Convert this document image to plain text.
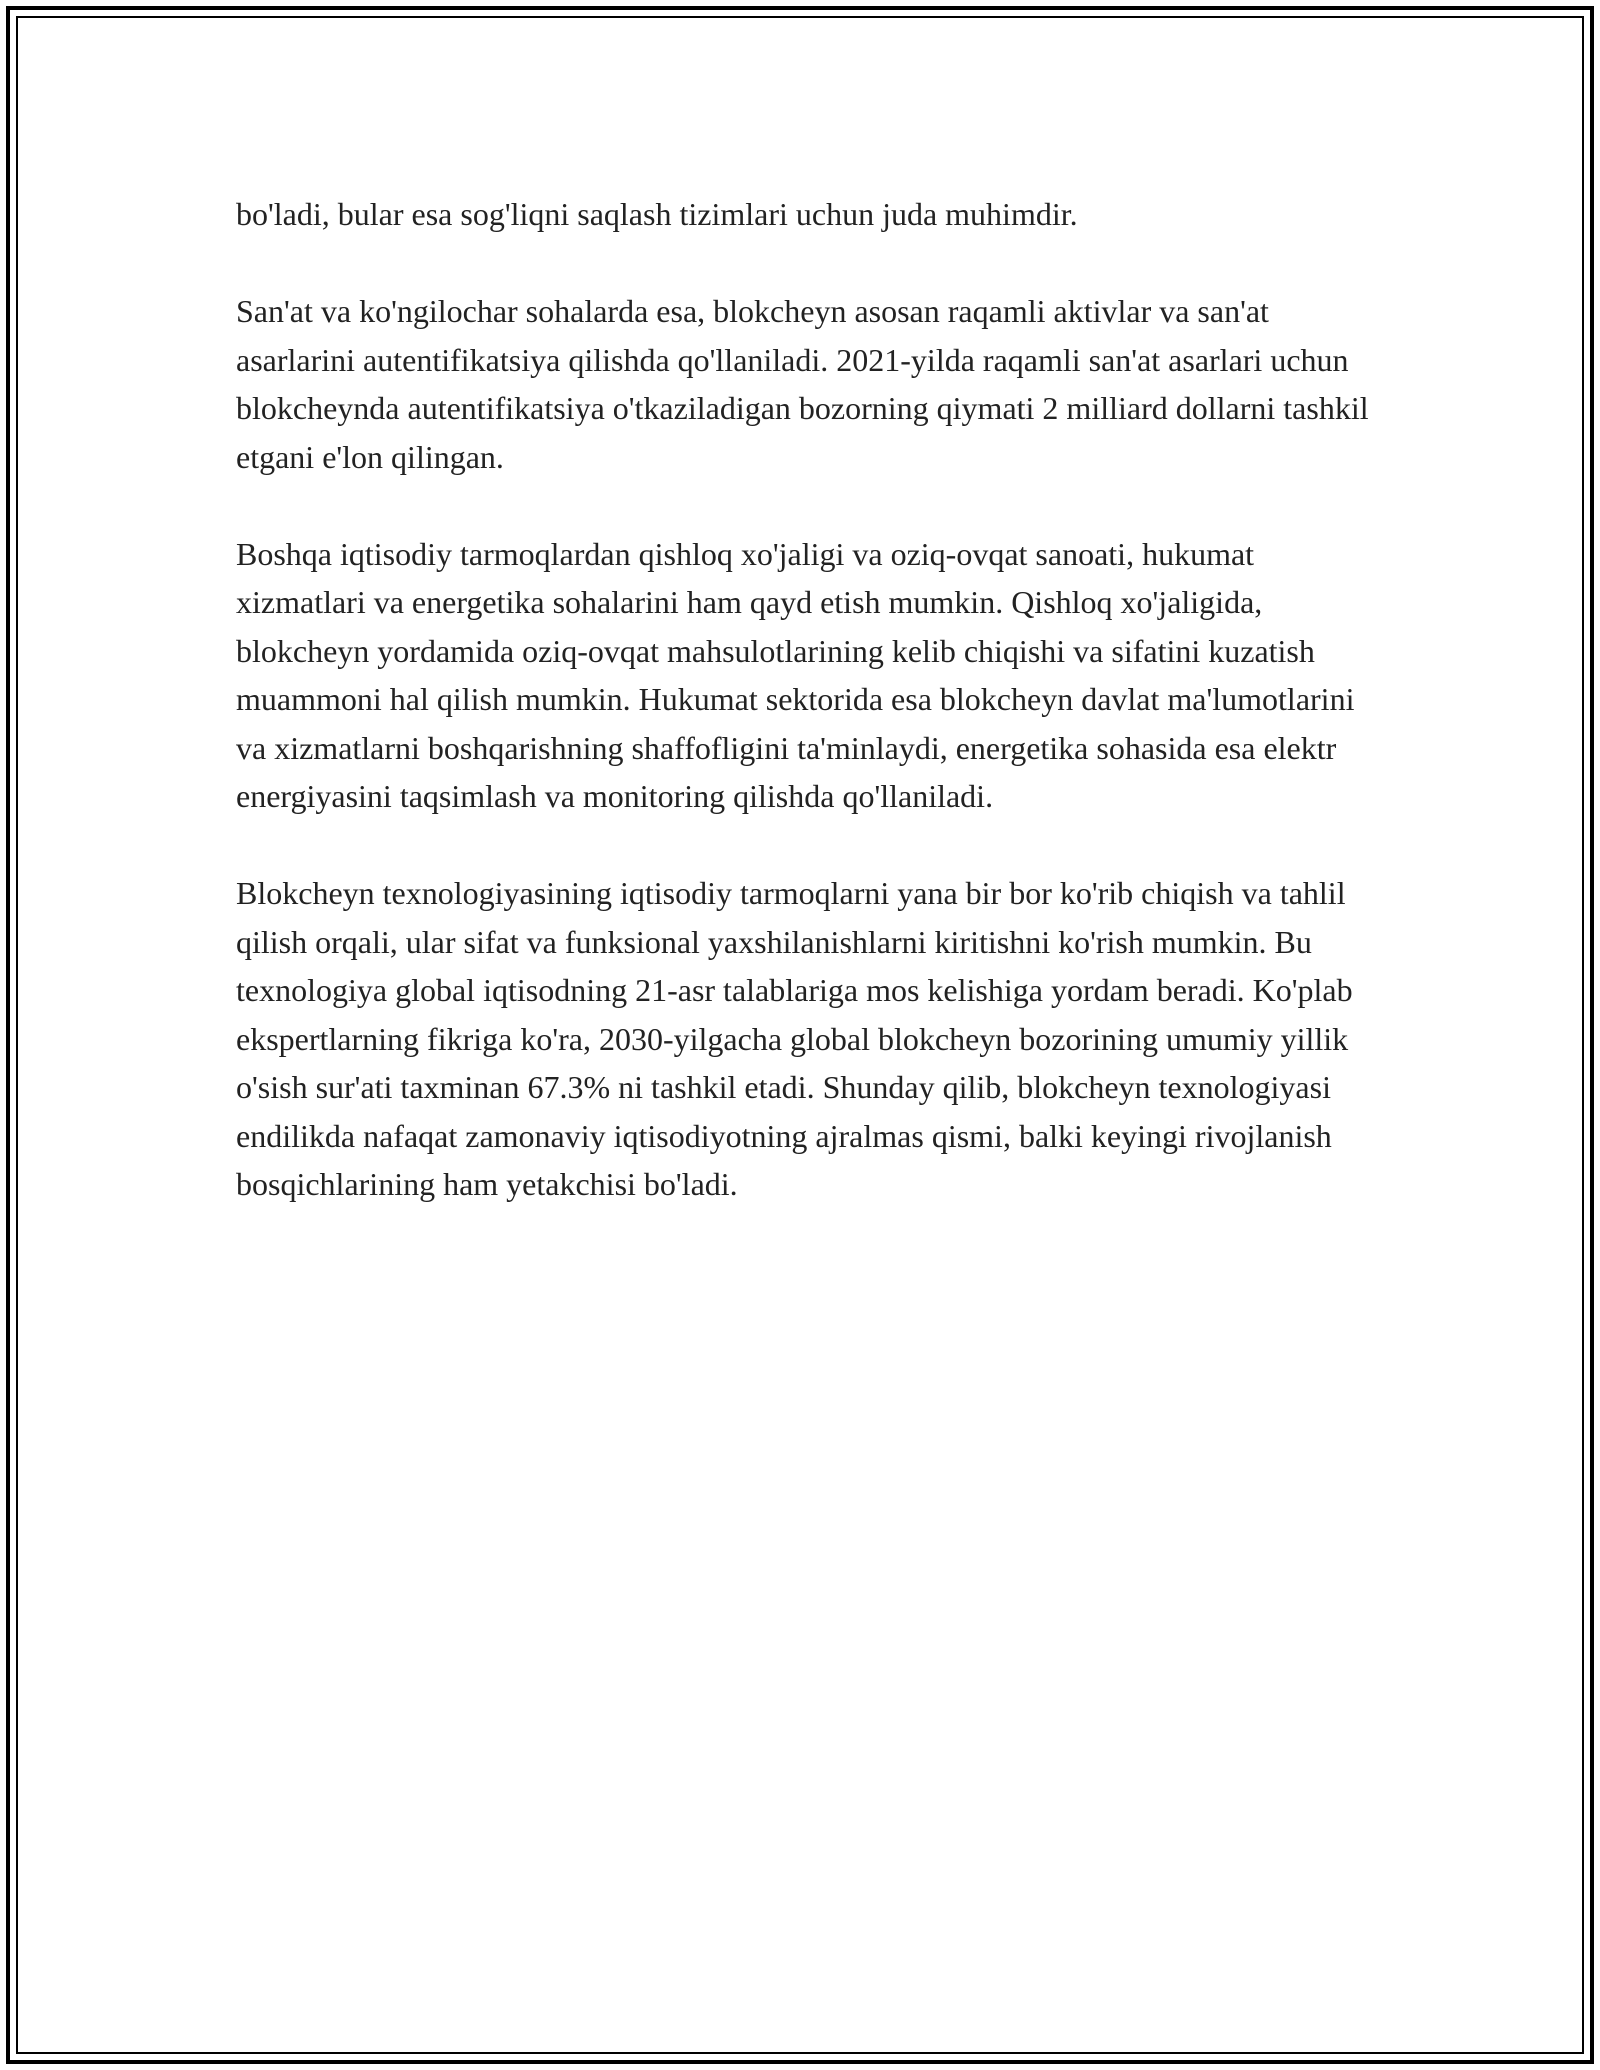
bo'ladi, bular esa sog'liqni saqlash tizimlari uchun juda muhimdir.

San'at va ko'ngilochar sohalarda esa, blokcheyn asosan raqamli aktivlar va san'at asarlarini autentifikatsiya qilishda qo'llaniladi. 2021-yilda raqamli san'at asarlari uchun blokcheynda autentifikatsiya o'tkaziladigan bozorning qiymati 2 milliard dollarni tashkil etgani e'lon qilingan.

Boshqa iqtisodiy tarmoqlardan qishloq xo'jaligi va oziq-ovqat sanoati, hukumat xizmatlari va energetika sohalarini ham qayd etish mumkin. Qishloq xo'jaligida, blokcheyn yordamida oziq-ovqat mahsulotlarining kelib chiqishi va sifatini kuzatish muammoni hal qilish mumkin. Hukumat sektorida esa blokcheyn davlat ma'lumotlarini va xizmatlarni boshqarishning shaffofligini ta'minlaydi, energetika sohasida esa elektr energiyasini taqsimlash va monitoring qilishda qo'llaniladi.

Blokcheyn texnologiyasining iqtisodiy tarmoqlarni yana bir bor ko'rib chiqish va tahlil qilish orqali, ular sifat va funksional yaxshilanishlarni kiritishni ko'rish mumkin. Bu texnologiya global iqtisodning 21-asr talablariga mos kelishiga yordam beradi. Ko'plab ekspertlarning fikriga ko'ra, 2030-yilgacha global blokcheyn bozorining umumiy yillik o'sish sur'ati taxminan 67.3% ni tashkil etadi. Shunday qilib, blokcheyn texnologiyasi endilikda nafaqat zamonaviy iqtisodiyotning ajralmas qismi, balki keyingi rivojlanish bosqichlarining ham yetakchisi bo'ladi.
